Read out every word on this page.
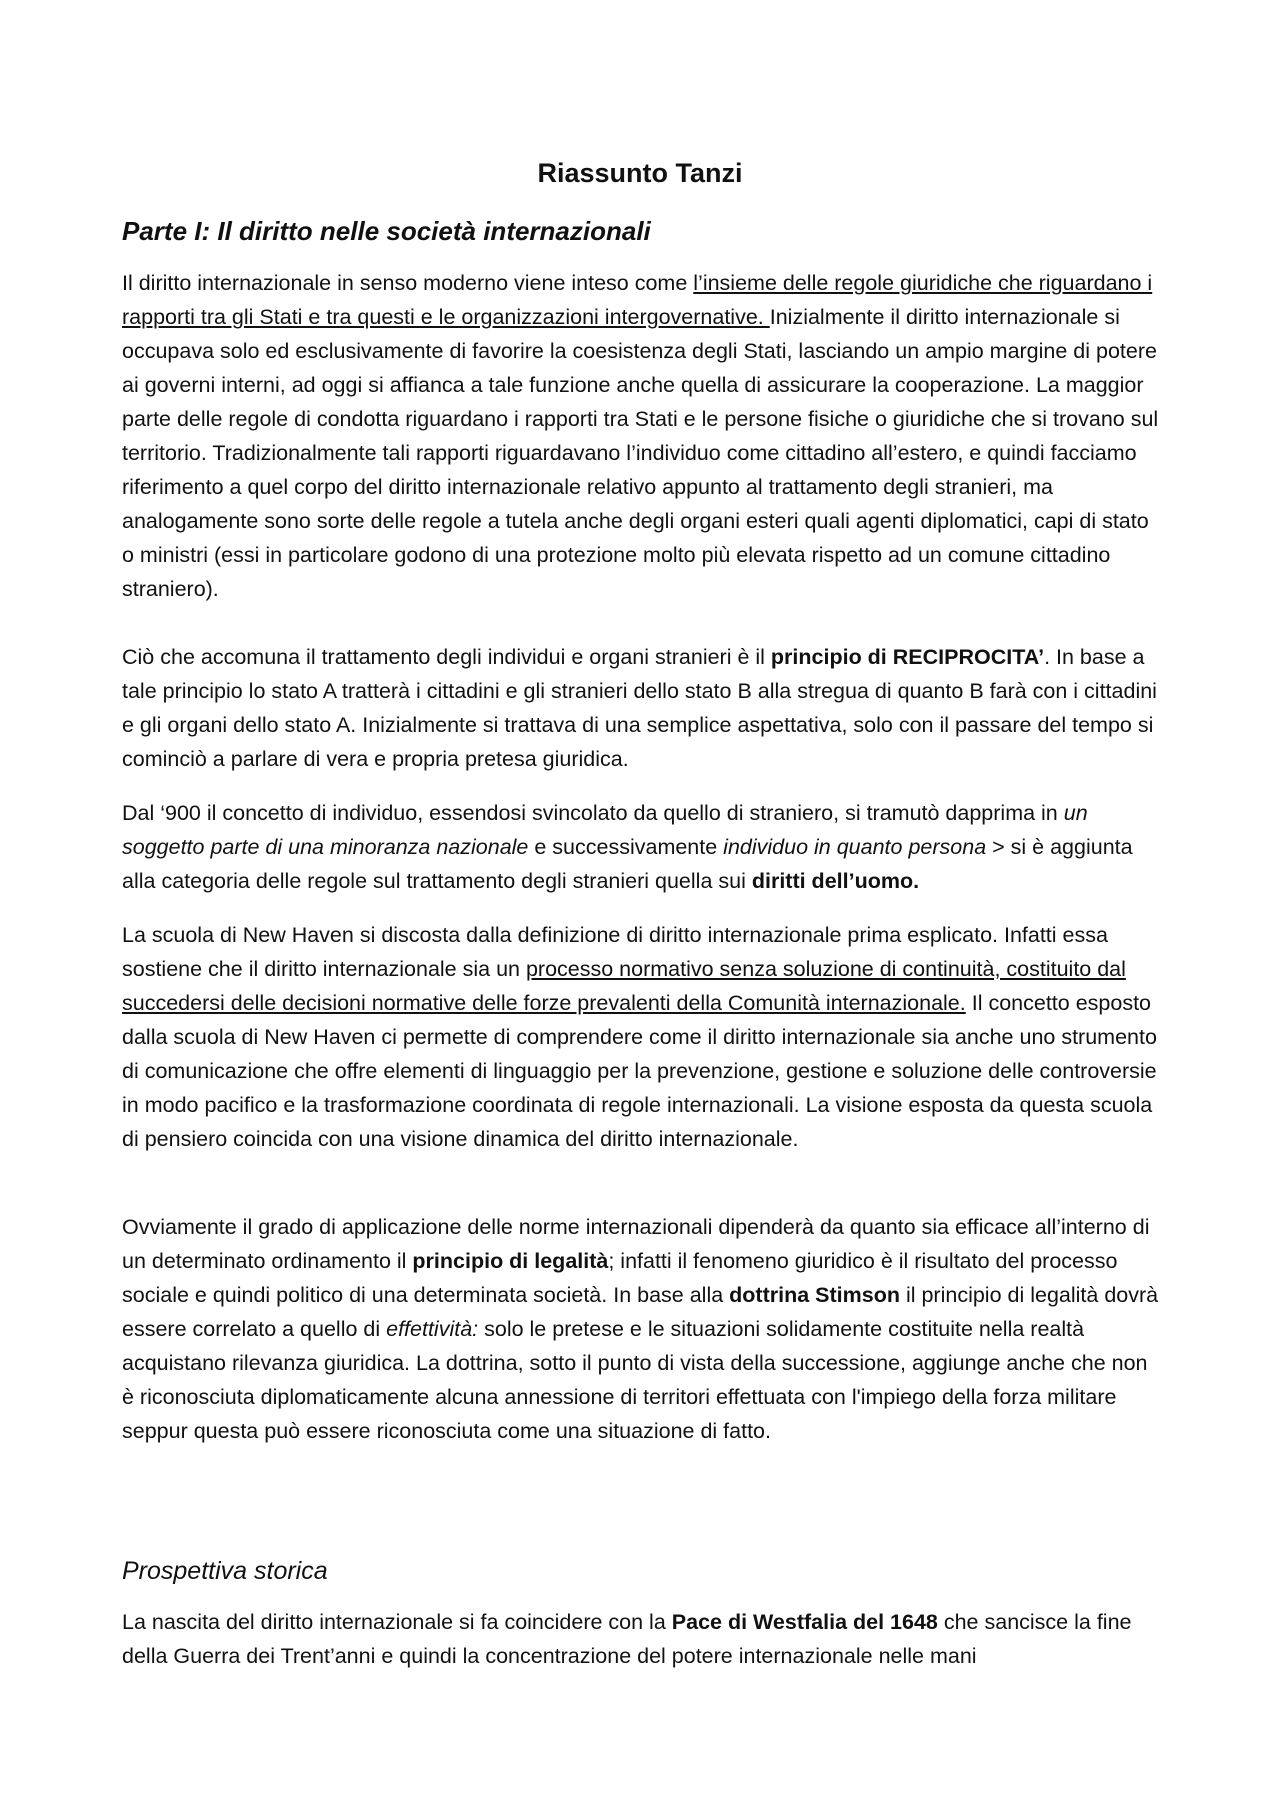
Riassunto Tanzi
Parte I: Il diritto nelle società internazionali

Il diritto internazionale in senso moderno viene inteso come l’insieme delle regole giuridiche che riguardano i rapporti tra gli Stati e tra questi e le organizzazioni intergovernative. Inizialmente il diritto internazionale si occupava solo ed esclusivamente di favorire la coesistenza degli Stati, lasciando un ampio margine di potere ai governi interni, ad oggi si affianca a tale funzione anche quella di assicurare la cooperazione. La maggior parte delle regole di condotta riguardano i rapporti tra Stati e le persone fisiche o giuridiche che si trovano sul territorio. Tradizionalmente tali rapporti riguardavano l’individuo come cittadino all’estero, e quindi facciamo riferimento a quel corpo del diritto internazionale relativo appunto al trattamento degli stranieri, ma analogamente sono sorte delle regole a tutela anche degli organi esteri quali agenti diplomatici, capi di stato o ministri (essi in particolare godono di una protezione molto più elevata rispetto ad un comune cittadino straniero).

Ciò che accomuna il trattamento degli individui e organi stranieri è il principio di RECIPROCITA’. In base a tale principio lo stato A tratterà i cittadini e gli stranieri dello stato B alla stregua di quanto B farà con i cittadini e gli organi dello stato A. Inizialmente si trattava di una semplice aspettativa, solo con il passare del tempo si cominciò a parlare di vera e propria pretesa giuridica.

Dal ‘900 il concetto di individuo, essendosi svincolato da quello di straniero, si tramutò dapprima in un soggetto parte di una minoranza nazionale e successivamente individuo in quanto persona > si è aggiunta alla categoria delle regole sul trattamento degli stranieri quella sui diritti dell’uomo.

La scuola di New Haven si discosta dalla definizione di diritto internazionale prima esplicato. Infatti essa sostiene che il diritto internazionale sia un processo normativo senza soluzione di continuità, costituito dal succedersi delle decisioni normative delle forze prevalenti della Comunità internazionale. Il concetto esposto dalla scuola di New Haven ci permette di comprendere come il diritto internazionale sia anche uno strumento di comunicazione che offre elementi di linguaggio per la prevenzione, gestione e soluzione delle controversie in modo pacifico e la trasformazione coordinata di regole internazionali. La visione esposta da questa scuola di pensiero coincida con una visione dinamica del diritto internazionale.

Ovviamente il grado di applicazione delle norme internazionali dipenderà da quanto sia efficace all’interno di un determinato ordinamento il principio di legalità; infatti il fenomeno giuridico è il risultato del processo sociale e quindi politico di una determinata società. In base alla dottrina Stimson il principio di legalità dovrà essere correlato a quello di effettività: solo le pretese e le situazioni solidamente costituite nella realtà acquistano rilevanza giuridica. La dottrina, sotto il punto di vista della successione, aggiunge anche che non è riconosciuta diplomaticamente alcuna annessione di territori effettuata con l'impiego della forza militare seppur questa può essere riconosciuta come una situazione di fatto.

Prospettiva storica

La nascita del diritto internazionale si fa coincidere con la Pace di Westfalia del 1648 che sancisce la fine della Guerra dei Trent’anni e quindi la concentrazione del potere internazionale nelle mani
